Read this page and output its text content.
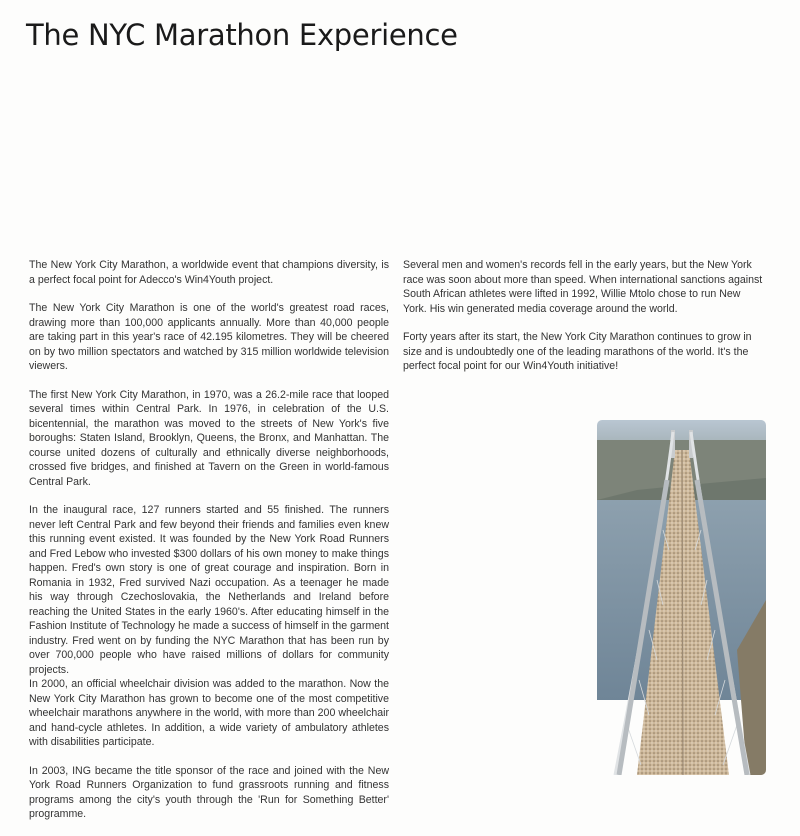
The NYC Marathon Experience

The New York City Marathon, a worldwide event that champions diversity, is a perfect focal point for Adecco's Win4Youth project.

The New York City Marathon is one of the world's greatest road races, drawing more than 100,000 applicants annually. More than 40,000 people are taking part in this year's race of 42.195 kilometres. They will be cheered on by two million spectators and watched by 315 million worldwide television viewers.

The first New York City Marathon, in 1970, was a 26.2-mile race that looped several times within Central Park. In 1976, in celebration of the U.S. bicentennial, the marathon was moved to the streets of New York's five boroughs: Staten Island, Brooklyn, Queens, the Bronx, and Manhattan. The course united dozens of culturally and ethnically diverse neighborhoods, crossed five bridges, and finished at Tavern on the Green in world-famous Central Park.

In the inaugural race, 127 runners started and 55 finished. The runners never left Central Park and few beyond their friends and families even knew this running event existed. It was founded by the New York Road Runners and Fred Lebow who invested $300 dollars of his own money to make things happen. Fred's own story is one of great courage and inspiration. Born in Romania in 1932, Fred survived Nazi occupation. As a teenager he made his way through Czechoslovakia, the Netherlands and Ireland before reaching the United States in the early 1960's. After educating himself in the Fashion Institute of Technology he made a success of himself in the garment industry. Fred went on by funding the NYC Marathon that has been run by over 700,000 people who have raised millions of dollars for community projects.

In 2000, an official wheelchair division was added to the marathon. Now the New York City Marathon has grown to become one of the most competitive wheelchair marathons anywhere in the world, with more than 200 wheelchair and hand-cycle athletes. In addition, a wide variety of ambulatory athletes with disabilities participate.

In 2003, ING became the title sponsor of the race and joined with the New York Road Runners Organization to fund grassroots running and fitness programs among the city's youth through the 'Run for Something Better' programme.

Several men and women's records fell in the early years, but the New York race was soon about more than speed. When international sanctions against South African athletes were lifted in 1992, Willie Mtolo chose to run New York. His win generated media coverage around the world.

Forty years after its start, the New York City Marathon continues to grow in size and is undoubtedly one of the leading marathons of the world. It's the perfect focal point for our Win4Youth initiative!
